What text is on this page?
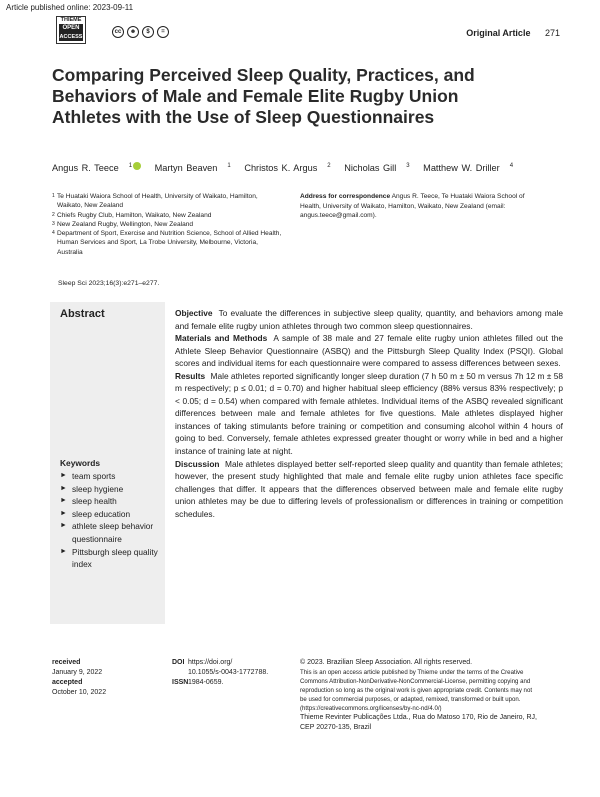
Article published online: 2023-09-11
THIEME
OPEN
ACCESS
cc	☻	$	=	Original Article 271
Comparing Perceived Sleep Quality, Practices, and Behaviors of Male and Female Elite Rugby Union Athletes with the Use of Sleep Questionnaires
Angus R. Teece $^1$ Martyn Beaven $^1$ Christos K. Argus $^2$ Nicholas Gill $^3$ Matthew W. Driller $^4$
1 Te Huataki Waiora School of Health, University of Waikato, Hamilton, Waikato, New Zealand
2 Chiefs Rugby Club, Hamilton, Waikato, New Zealand
3 New Zealand Rugby, Wellington, New Zealand
4 Department of Sport, Exercise and Nutrition Science, School of Allied Health, Human Services and Sport, La Trobe University, Melbourne, Victoria, Australia
Address for correspondence Angus R. Teece, Te Huataki Waiora School of Health, University of Waikato, Hamilton, Waikato, New Zealand (email: angus.teece@gmail.com).
Sleep Sci 2023;16(3):e271–e277.
Abstract
Keywords
► team sports
► sleep hygiene
► sleep health
► sleep education
► athlete sleep behavior questionnaire
► Pittsburgh sleep quality index

Objective To evaluate the differences in subjective sleep quality, quantity, and behaviors among male and female elite rugby union athletes through two common sleep questionnaires.

Materials and Methods A sample of 38 male and 27 female elite rugby union athletes filled out the Athlete Sleep Behavior Questionnaire (ASBQ) and the Pittsburgh Sleep Quality Index (PSQI). Global scores and individual items for each questionnaire were compared to assess differences between sexes.

Results Male athletes reported significantly longer sleep duration (7 h 50 m ± 50 m versus 7h 12 m ± 58 m respectively; p ≤ 0.01; d = 0.70) and higher habitual sleep efficiency (88% versus 83% respectively; p < 0.05; d = 0.54) when compared with female athletes. Individual items of the ASBQ revealed significant differences between male and female athletes for five questions. Male athletes displayed higher instances of taking stimulants before training or competition and consuming alcohol within 4 hours of going to bed. Conversely, female athletes expressed greater thought or worry while in bed and a higher instance of training late at night.

Discussion Male athletes displayed better self-reported sleep quality and quantity than female athletes; however, the present study highlighted that male and female elite rugby union athletes face specific challenges that differ. It appears that the differences observed between male and female elite rugby union athletes may be due to differing levels of professionalism or differences in training or competition schedules.

received
January 9, 2022
accepted
October 10, 2022
DOI https://doi.org/
10.1055/s-0043-1772788.
ISSN 1984-0659.
© 2023. Brazilian Sleep Association. All rights reserved.
This is an open access article published by Thieme under the terms of the Creative Commons Attribution-NonDerivative-NonCommercial-License, permitting copying and reproduction so long as the original work is given appropriate credit. Contents may not be used for commercial purposes, or adapted, remixed, transformed or built upon. (https://creativecommons.org/licenses/by-nc-nd/4.0/)
Thieme Revinter Publicações Ltda., Rua do Matoso 170, Rio de Janeiro, RJ, CEP 20270-135, Brazil
